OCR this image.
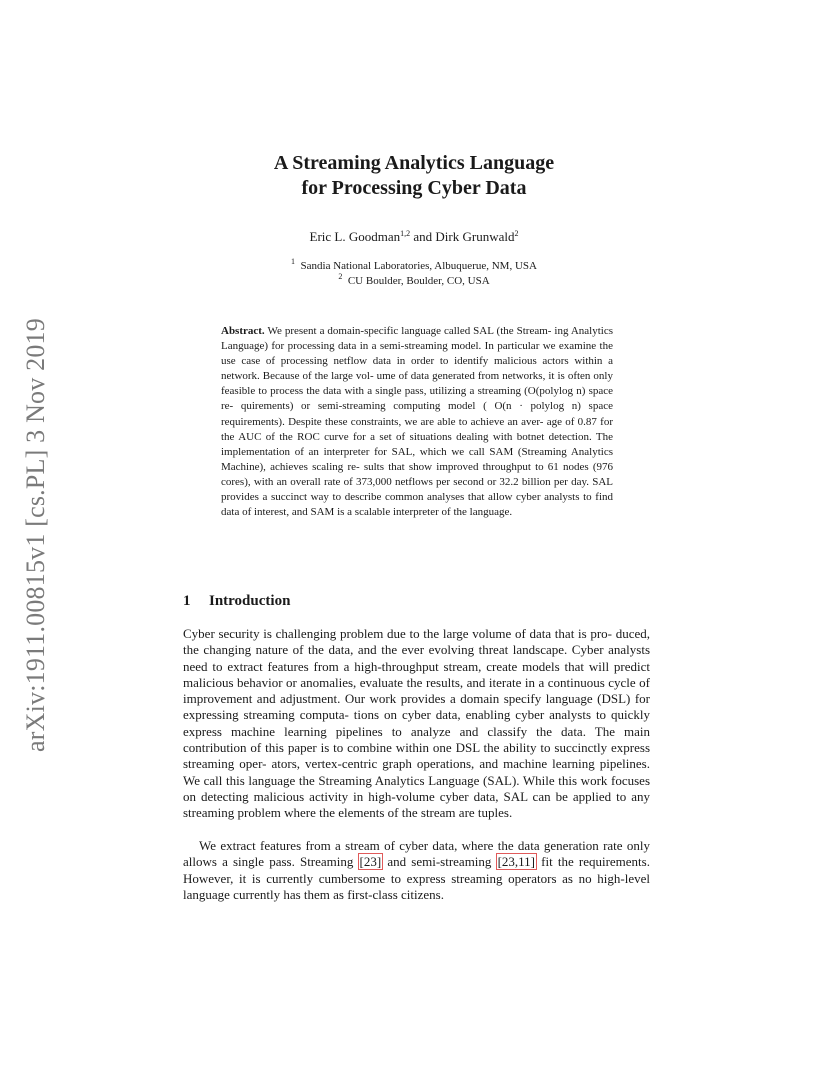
arXiv:1911.00815v1 [cs.PL] 3 Nov 2019
A Streaming Analytics Language
for Processing Cyber Data
Eric L. Goodman$^{1,2}$ and Dirk Grunwald$^2$
$^1$ Sandia National Laboratories, Albuquerue, NM, USA
$^2$ CU Boulder, Boulder, CO, USA

Abstract. We present a domain-specific language called SAL (the Stream- ing Analytics Language) for processing data in a semi-streaming model. In particular we examine the use case of processing netflow data in order to identify malicious actors within a network. Because of the large vol- ume of data generated from networks, it is often only feasible to process the data with a single pass, utilizing a streaming (O(polylog n) space re- quirements) or semi-streaming computing model ( O(n · polylog n) space requirements). Despite these constraints, we are able to achieve an aver- age of 0.87 for the AUC of the ROC curve for a set of situations dealing with botnet detection. The implementation of an interpreter for SAL, which we call SAM (Streaming Analytics Machine), achieves scaling re- sults that show improved throughput to 61 nodes (976 cores), with an overall rate of 373,000 netflows per second or 32.2 billion per day. SAL provides a succinct way to describe common analyses that allow cyber analysts to find data of interest, and SAM is a scalable interpreter of the language.

1 Introduction

Cyber security is challenging problem due to the large volume of data that is pro- duced, the changing nature of the data, and the ever evolving threat landscape. Cyber analysts need to extract features from a high-throughput stream, create models that will predict malicious behavior or anomalies, evaluate the results, and iterate in a continuous cycle of improvement and adjustment. Our work provides a domain specify language (DSL) for expressing streaming computa- tions on cyber data, enabling cyber analysts to quickly express machine learning pipelines to analyze and classify the data. The main contribution of this paper is to combine within one DSL the ability to succinctly express streaming oper- ators, vertex-centric graph operations, and machine learning pipelines. We call this language the Streaming Analytics Language (SAL). While this work focuses on detecting malicious activity in high-volume cyber data, SAL can be applied to any streaming problem where the elements of the stream are tuples.

We extract features from a stream of cyber data, where the data generation rate only allows a single pass. Streaming [23] and semi-streaming [23,11] fit the requirements. However, it is currently cumbersome to express streaming operators as no high-level language currently has them as first-class citizens.
